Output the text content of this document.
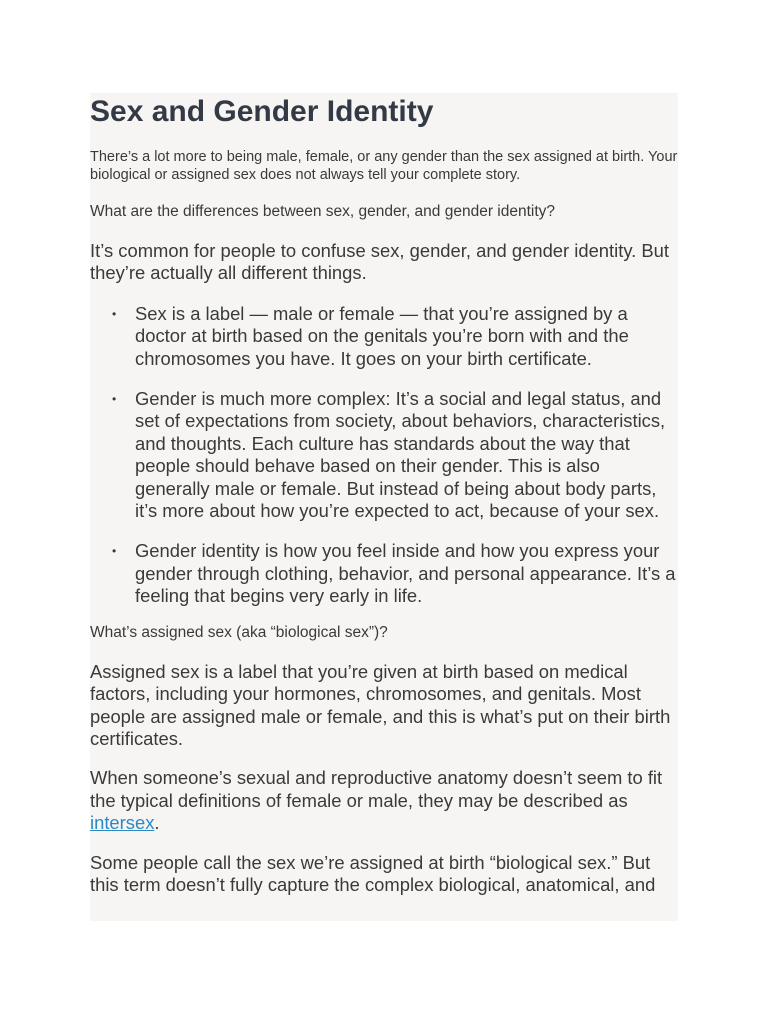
Sex and Gender Identity

There’s a lot more to being male, female, or any gender than the sex assigned at birth. Your biological or assigned sex does not always tell your complete story.

What are the differences between sex, gender, and gender identity?

It’s common for people to confuse sex, gender, and gender identity. But they’re actually all different things.

• Sex is a label — male or female — that you’re assigned by a doctor at birth based on the genitals you’re born with and the chromosomes you have. It goes on your birth certificate.
• Gender is much more complex: It’s a social and legal status, and set of expectations from society, about behaviors, characteristics, and thoughts. Each culture has standards about the way that people should behave based on their gender. This is also generally male or female. But instead of being about body parts, it’s more about how you’re expected to act, because of your sex.
• Gender identity is how you feel inside and how you express your gender through clothing, behavior, and personal appearance. It’s a feeling that begins very early in life.

What’s assigned sex (aka “biological sex”)?

Assigned sex is a label that you’re given at birth based on medical factors, including your hormones, chromosomes, and genitals. Most people are assigned male or female, and this is what’s put on their birth certificates.

When someone’s sexual and reproductive anatomy doesn’t seem to fit the typical definitions of female or male, they may be described as intersex.

Some people call the sex we’re assigned at birth “biological sex.” But this term doesn’t fully capture the complex biological, anatomical, and
